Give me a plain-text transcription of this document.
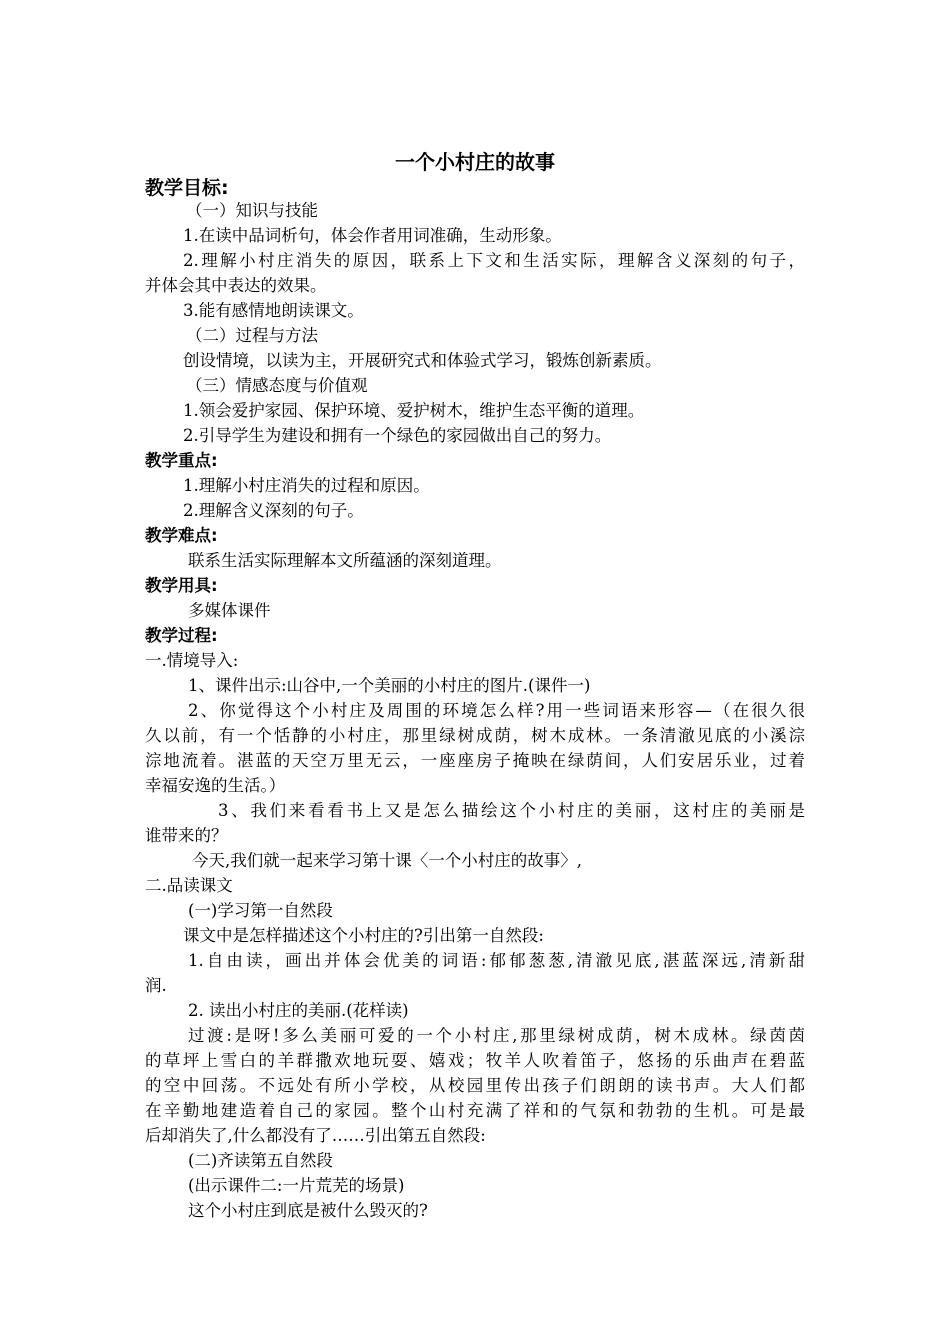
一个小村庄的故事
教学目标:
（一）知识与技能
1.在读中品词析句，体会作者用词准确，生动形象。
2.理解小村庄消失的原因，联系上下文和生活实际，理解含义深刻的句子，
并体会其中表达的效果。
3.能有感情地朗读课文。
（二）过程与方法
创设情境，以读为主，开展研究式和体验式学习，锻炼创新素质。
（三）情感态度与价值观
1.领会爱护家园、保护环境、爱护树木，维护生态平衡的道理。
2.引导学生为建设和拥有一个绿色的家园做出自己的努力。
教学重点:
1.理解小村庄消失的过程和原因。
2.理解含义深刻的句子。
教学难点:
联系生活实际理解本文所蕴涵的深刻道理。
教学用具:
多媒体课件
教学过程:
一.情境导入:
1、课件出示:山谷中,一个美丽的小村庄的图片.(课件一)
2、你觉得这个小村庄及周围的环境怎么样?用一些词语来形容—（在很久很
久以前，有一个恬静的小村庄，那里绿树成荫，树木成林。一条清澈见底的小溪淙
淙地流着。湛蓝的天空万里无云，一座座房子掩映在绿荫间，人们安居乐业，过着
幸福安逸的生活。）
3、我们来看看书上又是怎么描绘这个小村庄的美丽，这村庄的美丽是
谁带来的？
今天,我们就一起来学习第十课〈一个小村庄的故事〉,
二.品读课文
(一)学习第一自然段
课文中是怎样描述这个小村庄的?引出第一自然段:
1.自由读，画出并体会优美的词语:郁郁葱葱,清澈见底,湛蓝深远,清新甜
润.
2. 读出小村庄的美丽.(花样读)
过渡:是呀!多么美丽可爱的一个小村庄,那里绿树成荫，树木成林。绿茵茵
的草坪上雪白的羊群撒欢地玩耍、嬉戏；牧羊人吹着笛子，悠扬的乐曲声在碧蓝
的空中回荡。不远处有所小学校，从校园里传出孩子们朗朗的读书声。大人们都
在辛勤地建造着自己的家园。整个山村充满了祥和的气氛和勃勃的生机。可是最
后却消失了,什么都没有了……引出第五自然段:
(二)齐读第五自然段
(出示课件二:一片荒芜的场景)
这个小村庄到底是被什么毁灭的?
